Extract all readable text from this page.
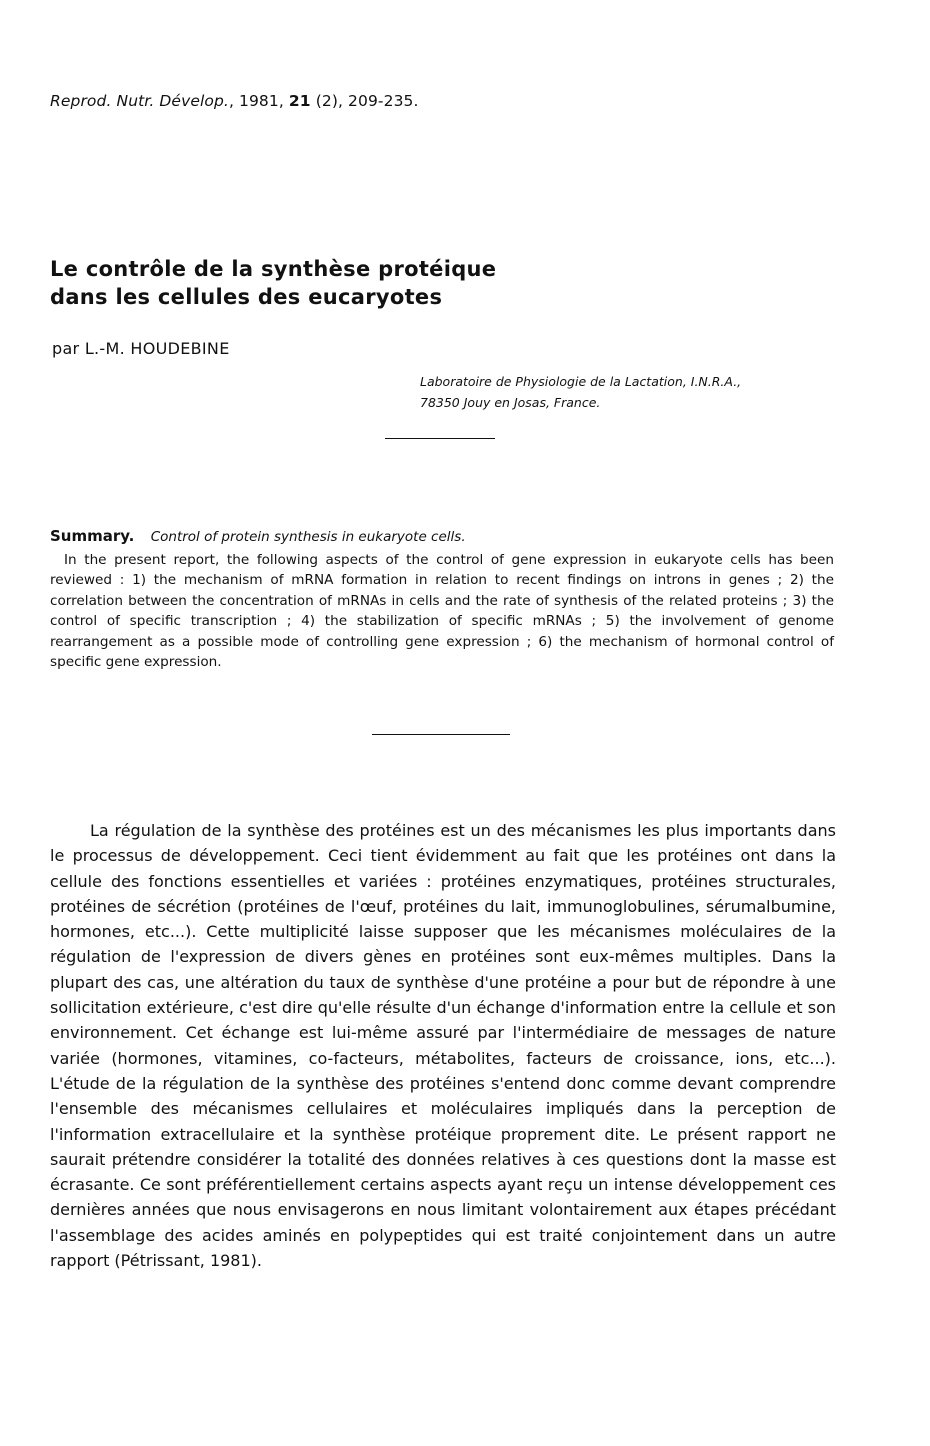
Reprod. Nutr. Dévelop., 1981, 21 (2), 209-235.
Le contrôle de la synthèse protéique
dans les cellules des eucaryotes
par L.-M. HOUDEBINE
Laboratoire de Physiologie de la Lactation, I.N.R.A.,
78350 Jouy en Josas, France.
Summary. Control of protein synthesis in eukaryote cells.

In the present report, the following aspects of the control of gene expression in eukaryote cells has been reviewed : 1) the mechanism of mRNA formation in relation to recent findings on introns in genes ; 2) the correlation between the concentration of mRNAs in cells and the rate of synthesis of the related proteins ; 3) the control of specific transcription ; 4) the stabilization of specific mRNAs ; 5) the involvement of genome rearrangement as a possible mode of controlling gene expression ; 6) the mechanism of hormonal control of specific gene expression.

La régulation de la synthèse des protéines est un des mécanismes les plus importants dans le processus de développement. Ceci tient évidemment au fait que les protéines ont dans la cellule des fonctions essentielles et variées : protéines enzymatiques, protéines structurales, protéines de sécrétion (protéines de l'œuf, protéines du lait, immunoglobulines, sérumalbumine, hormones, etc...). Cette multiplicité laisse supposer que les mécanismes moléculaires de la régulation de l'expression de divers gènes en protéines sont eux-mêmes multiples. Dans la plupart des cas, une altération du taux de synthèse d'une protéine a pour but de répondre à une sollicitation extérieure, c'est dire qu'elle résulte d'un échange d'information entre la cellule et son environnement. Cet échange est lui-même assuré par l'intermédiaire de messages de nature variée (hormones, vitamines, co-facteurs, métabolites, facteurs de croissance, ions, etc...). L'étude de la régulation de la synthèse des protéines s'entend donc comme devant comprendre l'ensemble des mécanismes cellulaires et moléculaires impliqués dans la perception de l'information extracellulaire et la synthèse protéique proprement dite. Le présent rapport ne saurait prétendre considérer la totalité des données relatives à ces questions dont la masse est écrasante. Ce sont préférentiellement certains aspects ayant reçu un intense développement ces dernières années que nous envisagerons en nous limitant volontairement aux étapes précédant l'assemblage des acides aminés en polypeptides qui est traité conjointement dans un autre rapport (Pétrissant, 1981).
